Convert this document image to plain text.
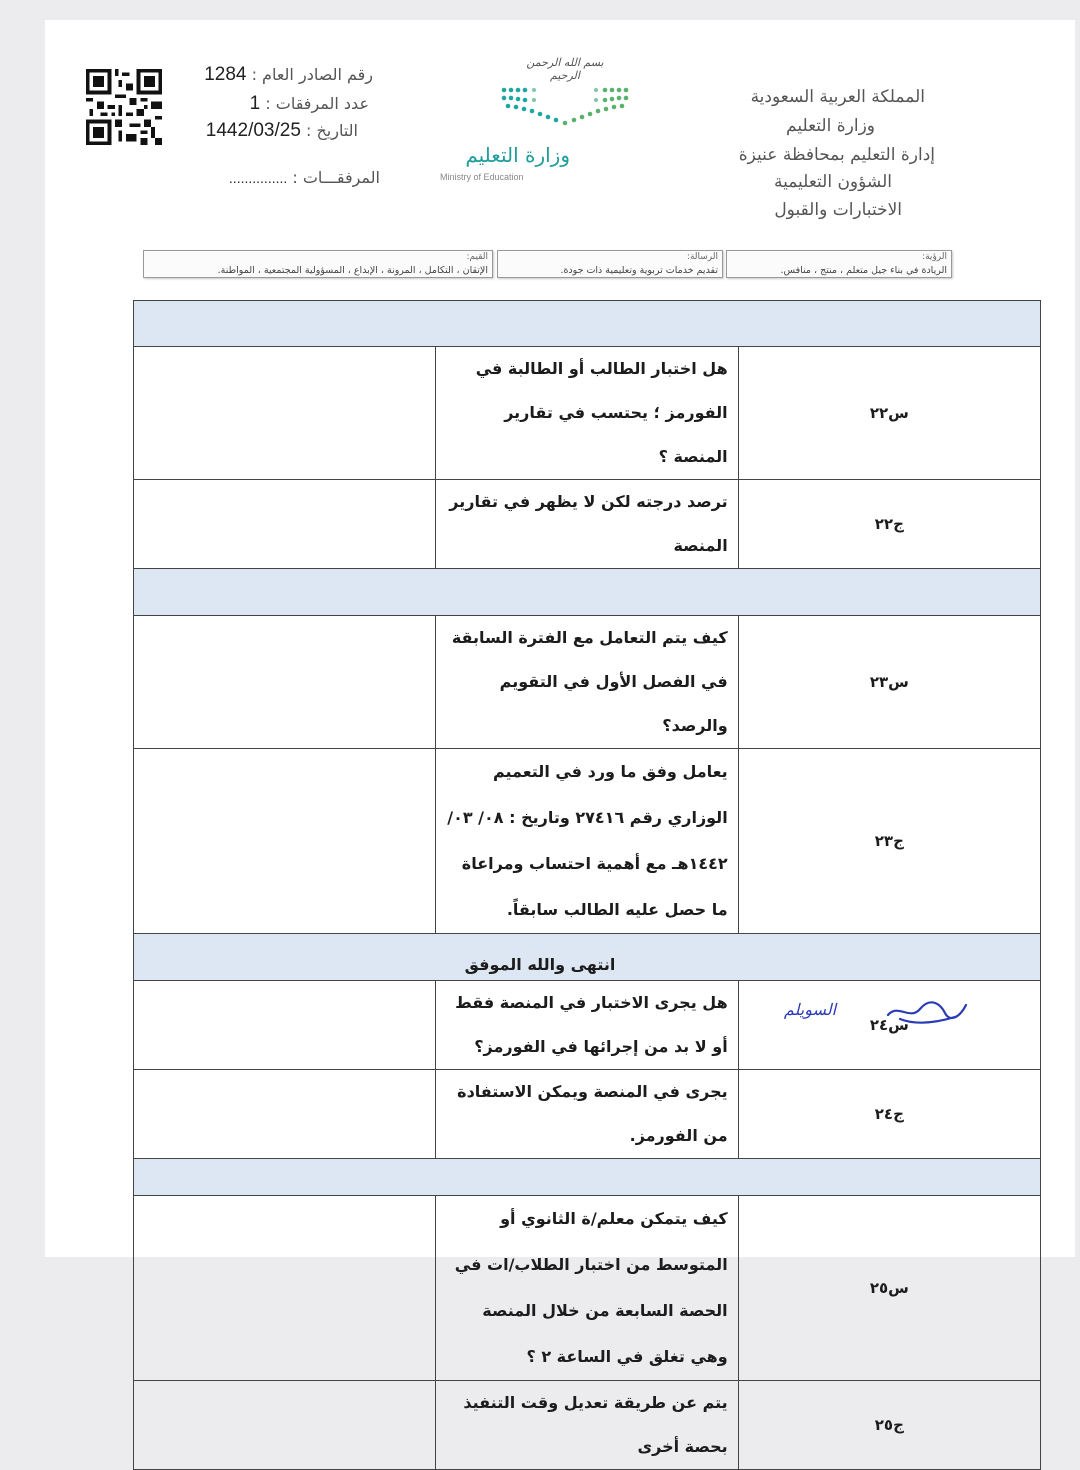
المملكة العربية السعودية
وزارة التعليم
إدارة التعليم بمحافظة عنيزة
الشؤون التعليمية
الاختبارات والقبول
بسم الله الرحمن الرحيم
وزارة التعليم
Ministry of Education
رقم الصادر العام : 1284
عدد المرفقات : 1
التاريخ : 1442/03/25
المرفقـــات : ...............
الرؤية:
الريادة في بناء جيل متعلم ، منتج ، منافس.
الرسالة:
تقديم خدمات تربوية وتعليمية ذات جودة.
القيم:
الإتقان ، التكامل ، المرونة ، الإبداع ، المسؤولية المجتمعية ، المواطنة.

س٢٢	هل اختبار الطالب أو الطالبة في الفورمز ؛ يحتسب في تقارير المنصة ؟	
ج٢٢	ترصد درجته لكن لا يظهر في تقارير المنصة	

س٢٣	كيف يتم التعامل مع الفترة السابقة في الفصل الأول في التقويم والرصد؟	
ج٢٣	يعامل وفق ما ورد في التعميم الوزاري رقم ٢٧٤١٦ وتاريخ : ٠٨/ ٠٣/ ١٤٤٢هـ مع أهمية احتساب ومراعاة ما حصل عليه الطالب سابقاً.	

س٢٤	هل يجرى الاختبار في المنصة فقط أو لا بد من إجرائها في الفورمز؟	
ج٢٤	يجرى في المنصة ويمكن الاستفادة من الفورمز.	

س٢٥	كيف يتمكن معلم/ة الثانوي أو المتوسط من اختبار الطلاب/ات في الحصة السابعة من خلال المنصة وهي تغلق في الساعة ٢ ؟	
ج٢٥	يتم عن طريقة تعديل وقت التنفيذ بحصة أخرى	
انتهى والله الموفق
السويلم
